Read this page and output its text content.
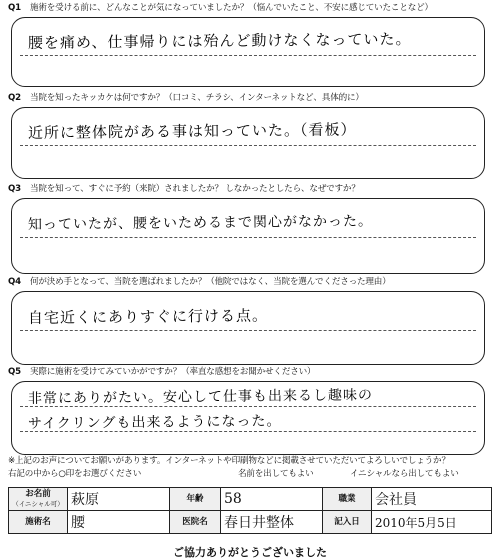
Q1 施術を受ける前に、どんなことが気になっていましたか？（悩んでいたこと、不安に感じていたことなど）
腰を痛め、仕事帰りには殆んど動けなくなっていた。
Q2 当院を知ったキッカケは何ですか？（口コミ、チラシ、インターネットなど、具体的に）
近所に整体院がある事は知っていた。（看板）
Q3 当院を知って、すぐに予約（来院）されましたか？ しなかったとしたら、なぜですか？
知っていたが、腰をいためるまで関心がなかった。
Q4 何が決め手となって、当院を選ばれましたか？（他院ではなく、当院を選んでくださった理由）
自宅近くにありすぐに行ける点。
Q5 実際に施術を受けてみていかがですか？（率直な感想をお聞かせください）
非常にありがたい。安心して仕事も出来るし趣味の
サイクリングも出来るようになった。
※上記のお声についてお願いがあります。インターネットや印刷物などに掲載させていただいてよろしいでしょうか？
右記の中から○印をお選びください	名前を出してもよい	イニシャルなら出してもよい
お名前
（イニシャル可）	萩原	年齢	58	職業	会社員
施術名	腰	医院名	春日井整体	記入日	2010年5月5日
ご協力ありがとうございました
